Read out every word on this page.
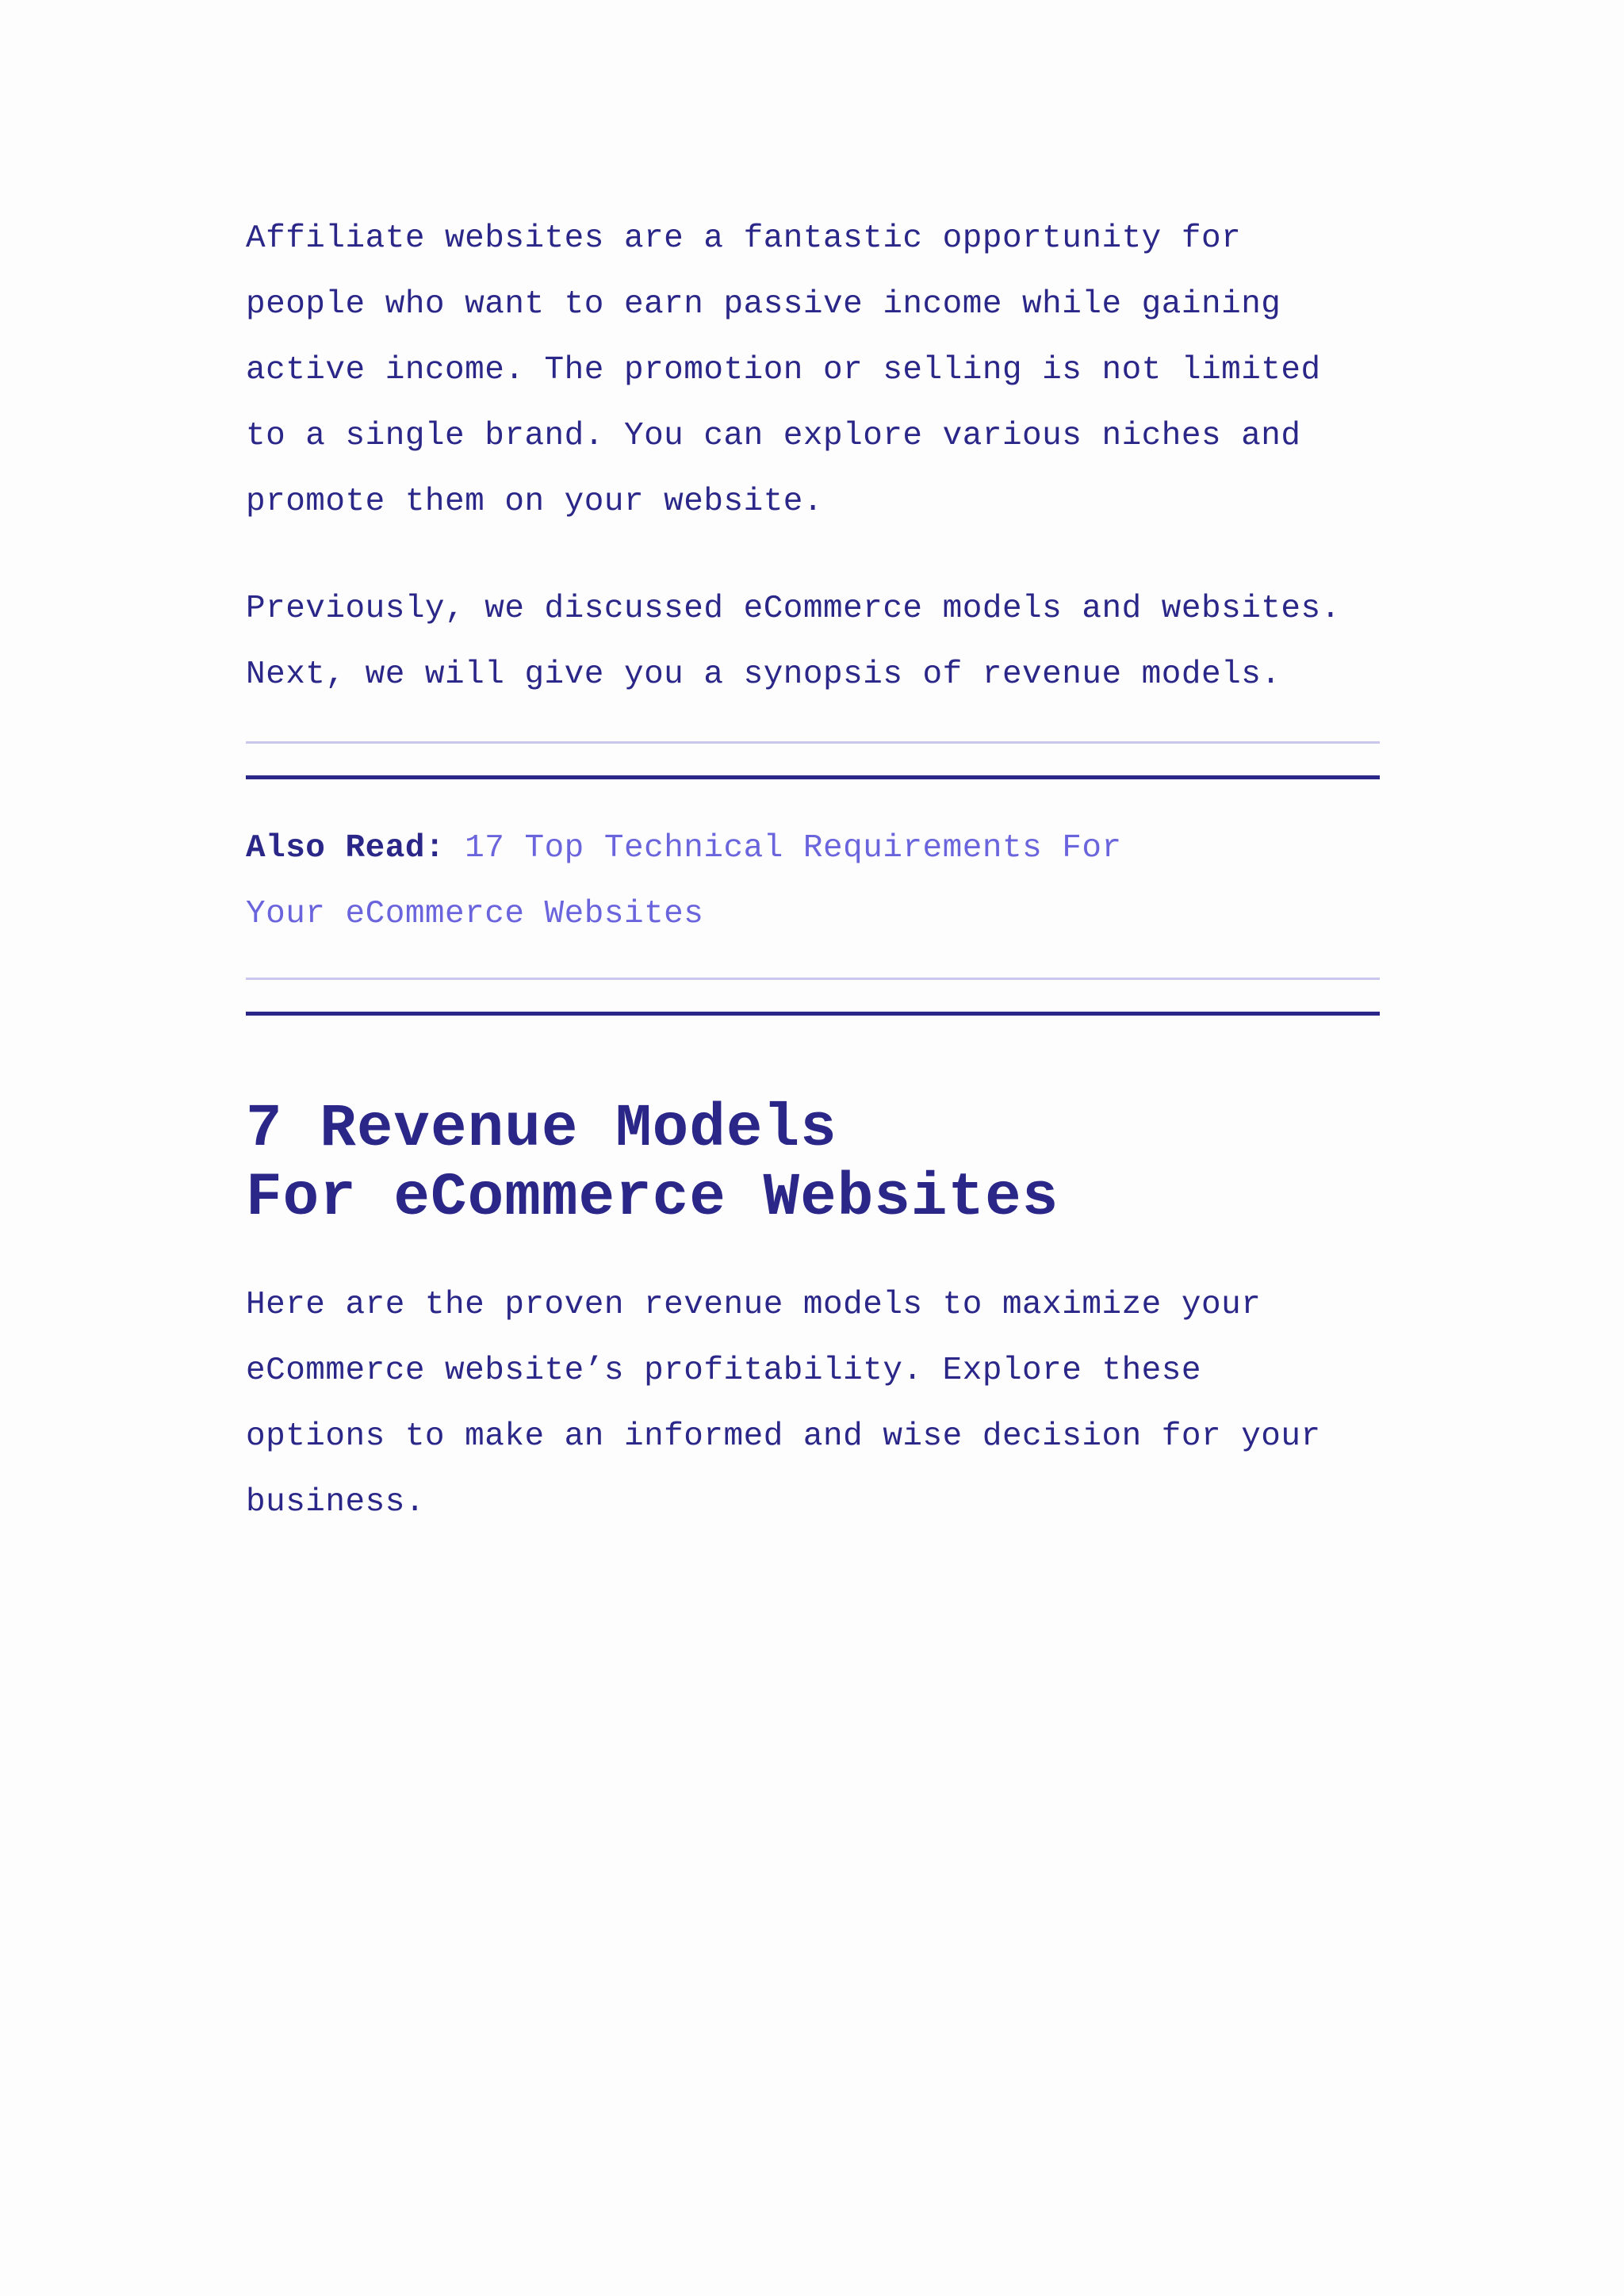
Affiliate websites are a fantastic opportunity for
people who want to earn passive income while gaining
active income. The promotion or selling is not limited
to a single brand. You can explore various niches and
promote them on your website.

Previously, we discussed eCommerce models and websites.
Next, we will give you a synopsis of revenue models.

Also Read: 17 Top Technical Requirements For Your eCommerce Websites

7 Revenue Models
For eCommerce Websites

Here are the proven revenue models to maximize your
eCommerce website’s profitability. Explore these
options to make an informed and wise decision for your
business.
